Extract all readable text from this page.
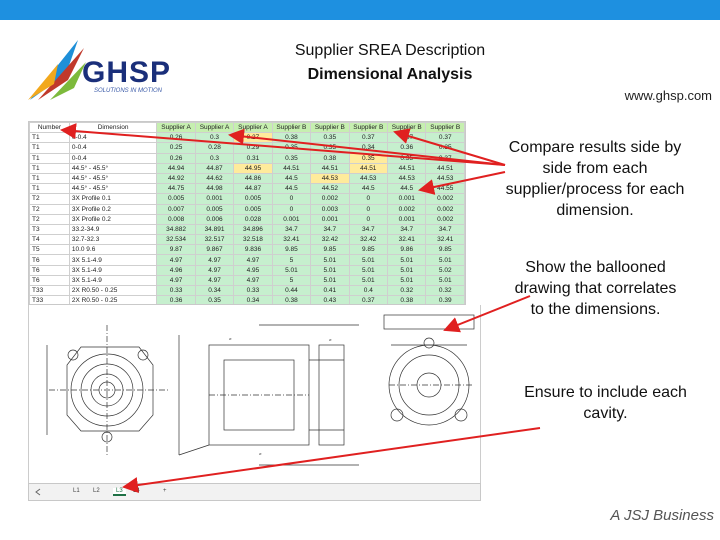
GHSP
SOLUTIONS IN MOTION
Supplier SREA Description
Dimensional Analysis
www.ghsp.com
Number	Dimension	Supplier A	Supplier A	Supplier A	Supplier B	Supplier B	Supplier B	Supplier B	Supplier B
T1	0-0.4	0.26	0.3	0.27	0.38	0.35	0.37	0.37	0.37
T1	0-0.4	0.25	0.28	0.29	0.35	0.35	0.34	0.36	0.35
T1	0-0.4	0.26	0.3	0.31	0.35	0.38	0.35	0.35	0.37
T1	44.5° - 45.5°	44.94	44.87	44.95	44.51	44.51	44.51	44.51	44.51
T1	44.5° - 45.5°	44.92	44.62	44.86	44.5	44.53	44.53	44.53	44.53
T1	44.5° - 45.5°	44.75	44.98	44.87	44.5	44.52	44.5	44.5	44.55
T2	3X Profile 0.1	0.005	0.001	0.005	0	0.002	0	0.001	0.002
T2	3X Profile 0.2	0.007	0.005	0.005	0	0.003	0	0.002	0.002
T2	3X Profile 0.2	0.008	0.006	0.028	0.001	0.001	0	0.001	0.002
T3	33.2-34.9	34.882	34.891	34.896	34.7	34.7	34.7	34.7	34.7
T4	32.7-32.3	32.534	32.517	32.518	32.41	32.42	32.42	32.41	32.41
T5	10.0 9.6	9.87	9.867	9.836	9.85	9.85	9.85	9.86	9.85
T6	3X 5.1-4.9	4.97	4.97	4.97	5	5.01	5.01	5.01	5.01
T6	3X 5.1-4.9	4.96	4.97	4.95	5.01	5.01	5.01	5.01	5.02
T6	3X 5.1-4.9	4.97	4.97	4.97	5	5.01	5.01	5.01	5.01
T33	2X R0.50 - 0.25	0.33	0.34	0.33	0.44	0.41	0.4	0.32	0.32
T33	2X R0.50 - 0.25	0.36	0.35	0.34	0.38	0.43	0.37	0.38	0.39
⌀	⌀
⌀
L1 L2	L3	L4	+
Compare results side by side from each supplier/process for each dimension.
Show the ballooned drawing that correlates to the dimensions.
Ensure to include each cavity.
A JSJ Business
